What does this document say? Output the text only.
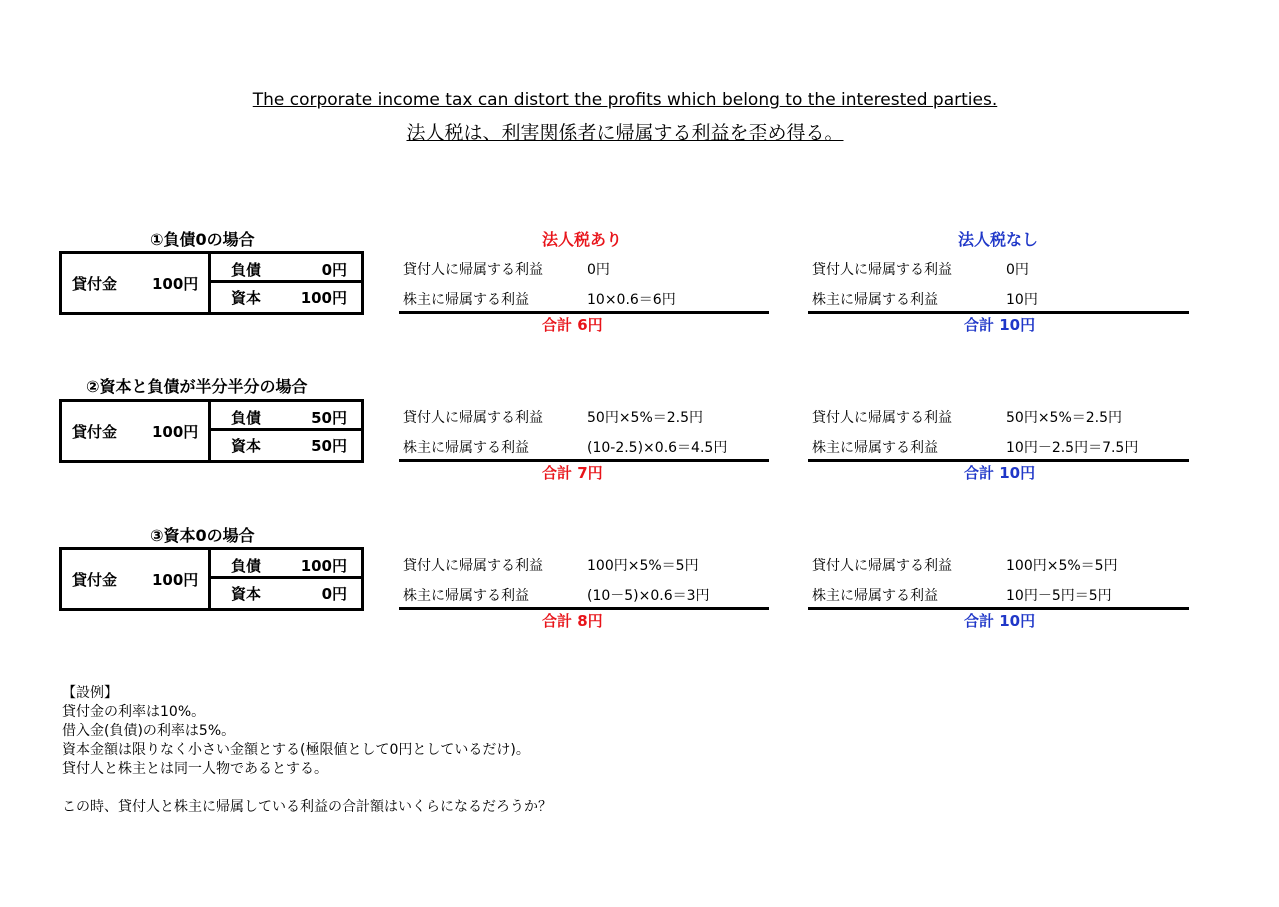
The corporate income tax can distort the profits which belong to the interested parties.
法人税は、利害関係者に帰属する利益を歪め得る。
法人税あり	法人税なし
①負債0の場合
貸付金 100円
負債	0円
資本	100円
貸付人に帰属する利益	0円
株主に帰属する利益	10×0.6＝6円
合計 6円
貸付人に帰属する利益	0円
株主に帰属する利益	10円
合計 10円
②資本と負債が半分半分の場合
貸付金 100円
負債	50円
資本	50円
貸付人に帰属する利益	50円×5%＝2.5円
株主に帰属する利益	(10-2.5)×0.6＝4.5円
合計 7円
貸付人に帰属する利益	50円×5%＝2.5円
株主に帰属する利益	10円－2.5円＝7.5円
合計 10円
③資本0の場合
貸付金 100円
負債	100円
資本	0円
貸付人に帰属する利益	100円×5%＝5円
株主に帰属する利益	(10－5)×0.6＝3円
合計 8円
貸付人に帰属する利益	100円×5%＝5円
株主に帰属する利益	10円－5円＝5円
合計 10円
【設例】
貸付金の利率は10%。
借入金(負債)の利率は5%。
資本金額は限りなく小さい金額とする(極限値として0円としているだけ)。
貸付人と株主とは同一人物であるとする。
この時、貸付人と株主に帰属している利益の合計額はいくらになるだろうか？
